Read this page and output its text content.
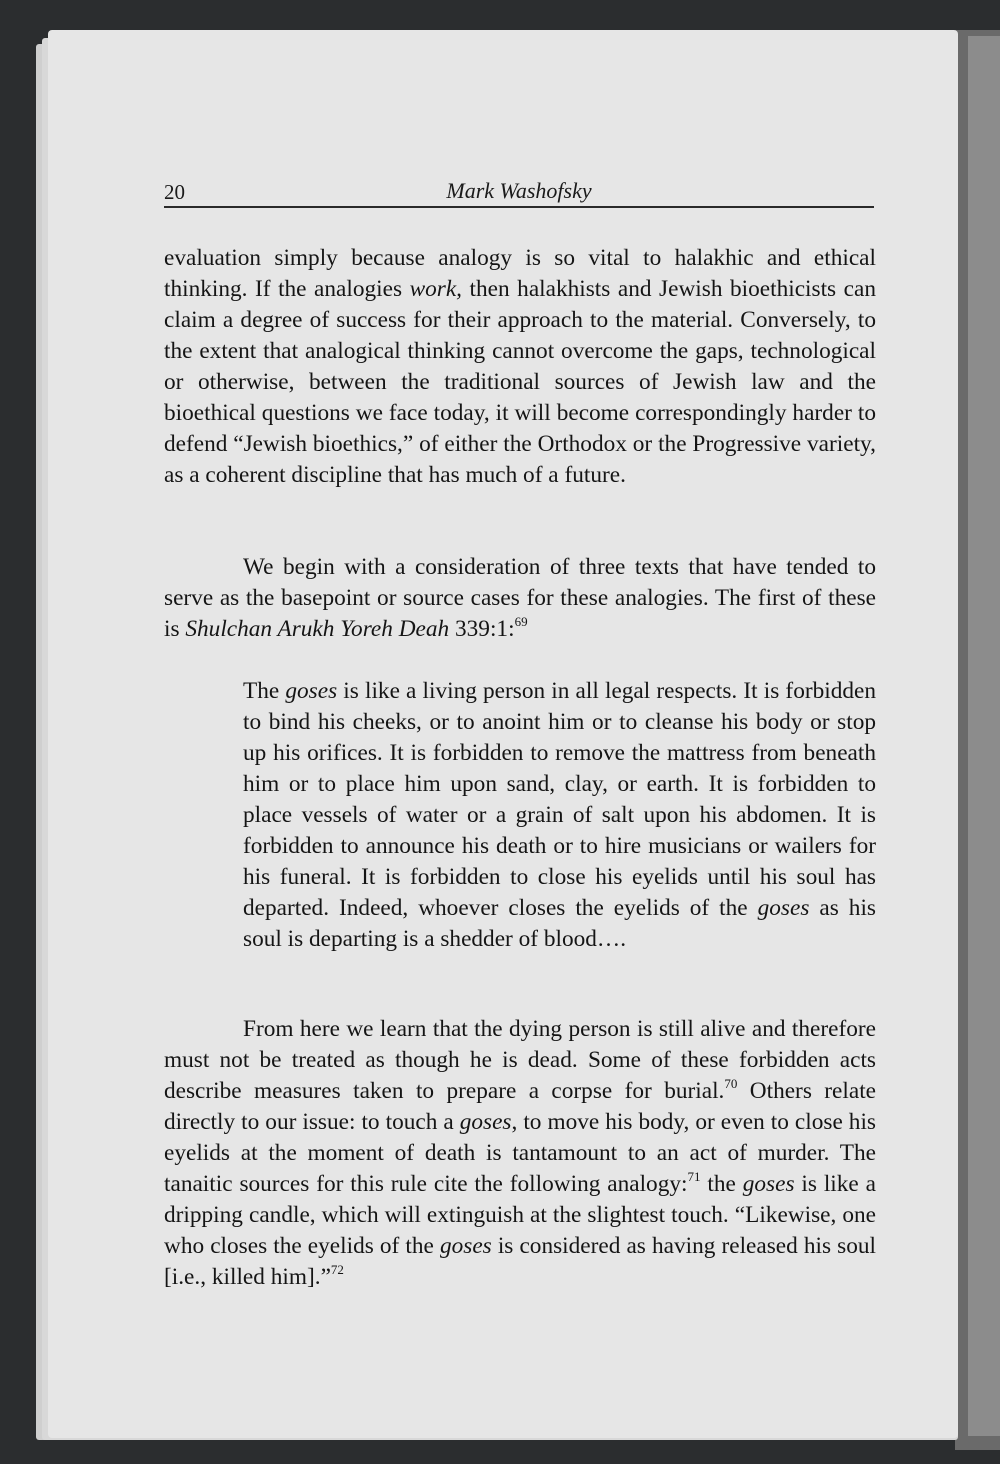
20	Mark Washofsky

evaluation simply because analogy is so vital to halakhic and ethical thinking. If the analogies work, then halakhists and Jewish bioethicists can claim a degree of success for their approach to the material. Conversely, to the extent that analogical thinking cannot overcome the gaps, technological or otherwise, between the traditional sources of Jewish law and the bioethical questions we face today, it will become correspondingly harder to defend “Jewish bioethics,” of either the Orthodox or the Progressive variety, as a coherent discipline that has much of a future.

We begin with a consideration of three texts that have tended to serve as the basepoint or source cases for these analogies. The first of these is Shulchan Arukh Yoreh Deah 339:1:$^{69}$

The goses is like a living person in all legal respects. It is forbidden to bind his cheeks, or to anoint him or to cleanse his body or stop up his orifices. It is forbidden to remove the mattress from beneath him or to place him upon sand, clay, or earth. It is forbidden to place vessels of water or a grain of salt upon his abdomen. It is forbidden to announce his death or to hire musicians or wailers for his funeral. It is forbidden to close his eyelids until his soul has departed. Indeed, whoever closes the eyelids of the goses as his soul is departing is a shedder of blood….

From here we learn that the dying person is still alive and therefore must not be treated as though he is dead. Some of these forbidden acts describe measures taken to prepare a corpse for burial.$^{70}$ Others relate directly to our issue: to touch a goses, to move his body, or even to close his eyelids at the moment of death is tantamount to an act of murder. The tanaitic sources for this rule cite the following analogy:$^{71}$ the goses is like a dripping candle, which will extinguish at the slightest touch. “Likewise, one who closes the eyelids of the goses is considered as having released his soul [i.e., killed him].”$^{72}$
